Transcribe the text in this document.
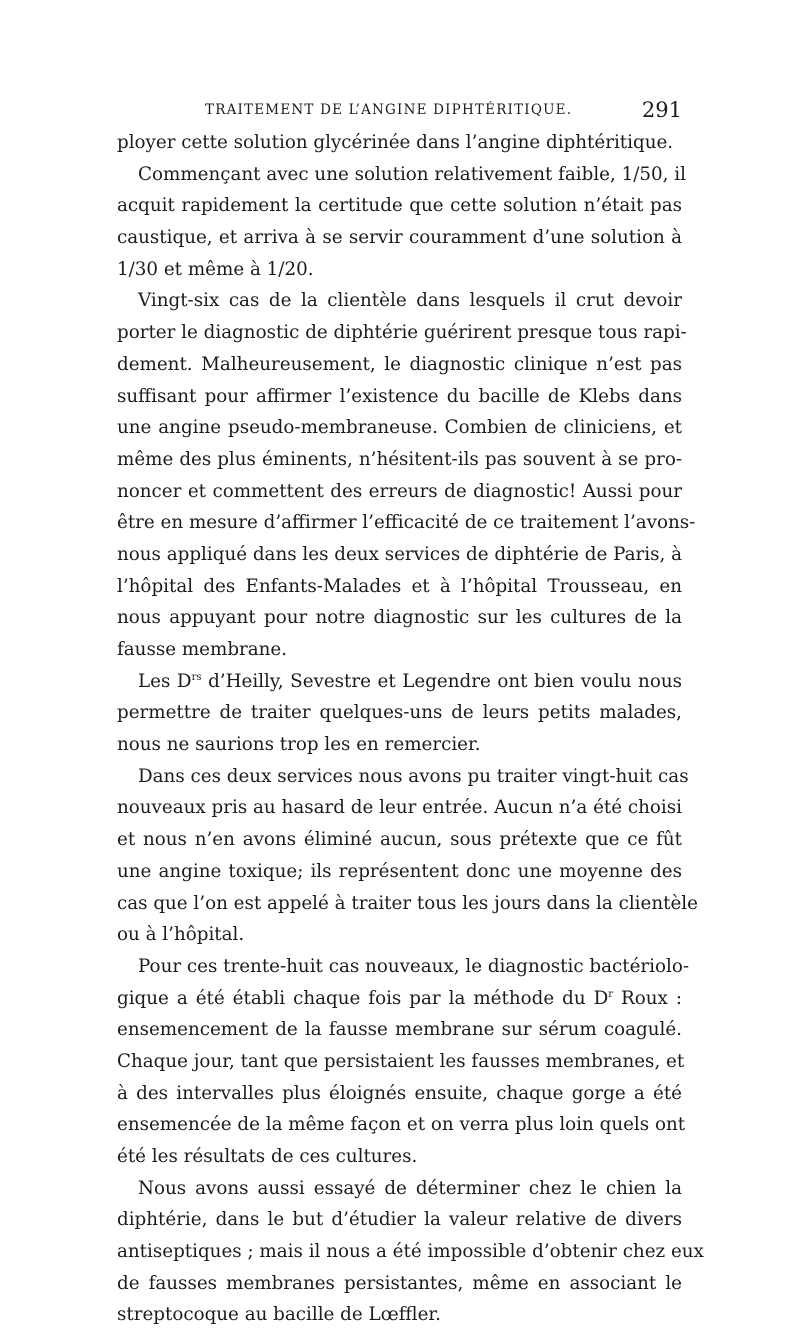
TRAITEMENT DE L’ANGINE DIPHTÉRITIQUE.	291
ployer cette solution glycérinée dans l’angine diphtéritique.
Commençant avec une solution relativement faible, 1/50, il
acquit rapidement la certitude que cette solution n’était pas
caustique, et arriva à se servir couramment d’une solution à
1/30 et même à 1/20.
Vingt-six cas de la clientèle dans lesquels il crut devoir
porter le diagnostic de diphtérie guérirent presque tous rapi-
dement. Malheureusement, le diagnostic clinique n’est pas
suffisant pour affirmer l’existence du bacille de Klebs dans
une angine pseudo-membraneuse. Combien de cliniciens, et
même des plus éminents, n’hésitent-ils pas souvent à se pro-
noncer et commettent des erreurs de diagnostic! Aussi pour
être en mesure d’affirmer l’efficacité de ce traitement l’avons-
nous appliqué dans les deux services de diphtérie de Paris, à
l’hôpital des Enfants-Malades et à l’hôpital Trousseau, en
nous appuyant pour notre diagnostic sur les cultures de la
fausse membrane.
Les $D^{rs}$ d’Heilly, Sevestre et Legendre ont bien voulu nous
permettre de traiter quelques-uns de leurs petits malades,
nous ne saurions trop les en remercier.
Dans ces deux services nous avons pu traiter vingt-huit cas
nouveaux pris au hasard de leur entrée. Aucun n’a été choisi
et nous n’en avons éliminé aucun, sous prétexte que ce fût
une angine toxique; ils représentent donc une moyenne des
cas que l’on est appelé à traiter tous les jours dans la clientèle
ou à l’hôpital.
Pour ces trente-huit cas nouveaux, le diagnostic bactériolo-
gique a été établi chaque fois par la méthode du $D^r$ Roux :
ensemencement de la fausse membrane sur sérum coagulé.
Chaque jour, tant que persistaient les fausses membranes, et
à des intervalles plus éloignés ensuite, chaque gorge a été
ensemencée de la même façon et on verra plus loin quels ont
été les résultats de ces cultures.
Nous avons aussi essayé de déterminer chez le chien la
diphtérie, dans le but d’étudier la valeur relative de divers
antiseptiques ; mais il nous a été impossible d’obtenir chez eux
de fausses membranes persistantes, même en associant le
streptocoque au bacille de Lœffler.
